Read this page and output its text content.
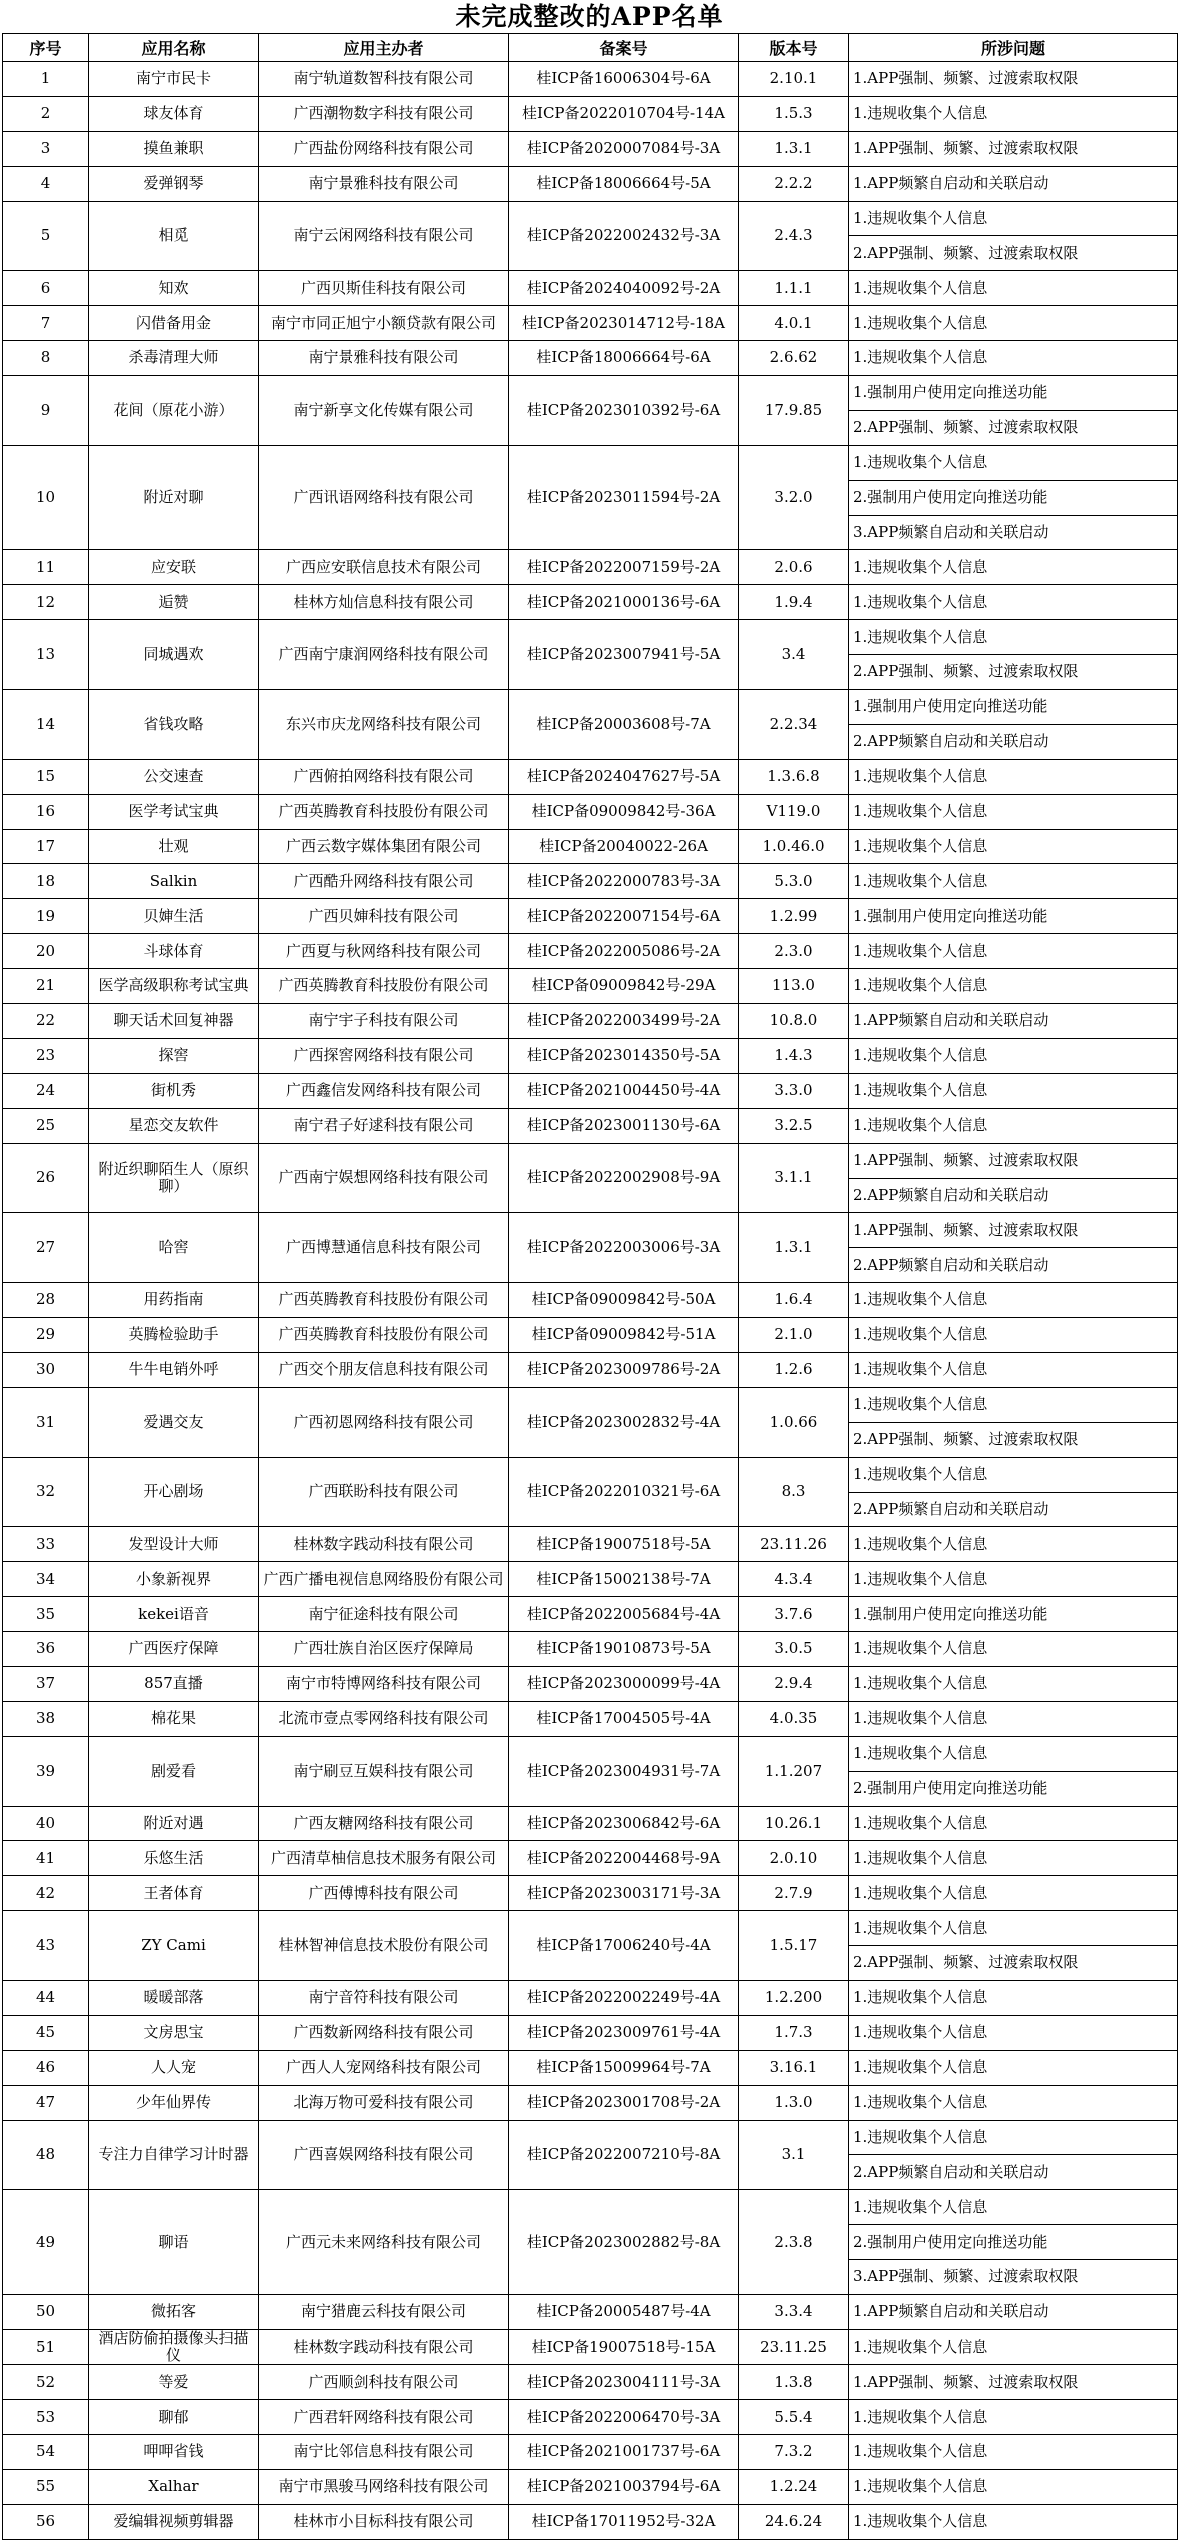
未完成整改的APP名单
序号	应用名称	应用主办者	备案号	版本号	所涉问题
1	南宁市民卡	南宁轨道数智科技有限公司	桂ICP备16006304号-6A	2.10.1	1.APP强制、频繁、过渡索取权限
2	球友体育	广西潮物数字科技有限公司	桂ICP备2022010704号-14A	1.5.3	1.违规收集个人信息
3	摸鱼兼职	广西盐份网络科技有限公司	桂ICP备2020007084号-3A	1.3.1	1.APP强制、频繁、过渡索取权限
4	爱弹钢琴	南宁景雅科技有限公司	桂ICP备18006664号-5A	2.2.2	1.APP频繁自启动和关联启动
5	相觅	南宁云闲网络科技有限公司	桂ICP备2022002432号-3A	2.4.3	1.违规收集个人信息
					2.APP强制、频繁、过渡索取权限
6	知欢	广西贝斯佳科技有限公司	桂ICP备2024040092号-2A	1.1.1	1.违规收集个人信息
7	闪借备用金	南宁市同正旭宁小额贷款有限公司	桂ICP备2023014712号-18A	4.0.1	1.违规收集个人信息
8	杀毒清理大师	南宁景雅科技有限公司	桂ICP备18006664号-6A	2.6.62	1.违规收集个人信息
9	花间（原花小游）	南宁新享文化传媒有限公司	桂ICP备2023010392号-6A	17.9.85	1.强制用户使用定向推送功能
					2.APP强制、频繁、过渡索取权限
10	附近对聊	广西讯语网络科技有限公司	桂ICP备2023011594号-2A	3.2.0	1.违规收集个人信息
					2.强制用户使用定向推送功能
					3.APP频繁自启动和关联启动
11	应安联	广西应安联信息技术有限公司	桂ICP备2022007159号-2A	2.0.6	1.违规收集个人信息
12	逅赞	桂林方灿信息科技有限公司	桂ICP备2021000136号-6A	1.9.4	1.违规收集个人信息
13	同城遇欢	广西南宁康润网络科技有限公司	桂ICP备2023007941号-5A	3.4	1.违规收集个人信息
					2.APP强制、频繁、过渡索取权限
14	省钱攻略	东兴市庆龙网络科技有限公司	桂ICP备20003608号-7A	2.2.34	1.强制用户使用定向推送功能
					2.APP频繁自启动和关联启动
15	公交速查	广西俯拍网络科技有限公司	桂ICP备2024047627号-5A	1.3.6.8	1.违规收集个人信息
16	医学考试宝典	广西英腾教育科技股份有限公司	桂ICP备09009842号-36A	V119.0	1.违规收集个人信息
17	壮观	广西云数字媒体集团有限公司	桂ICP备20040022-26A	1.0.46.0	1.违规收集个人信息
18	Salkin	广西酷升网络科技有限公司	桂ICP备2022000783号-3A	5.3.0	1.违规收集个人信息
19	贝婶生活	广西贝婶科技有限公司	桂ICP备2022007154号-6A	1.2.99	1.强制用户使用定向推送功能
20	斗球体育	广西夏与秋网络科技有限公司	桂ICP备2022005086号-2A	2.3.0	1.违规收集个人信息
21	医学高级职称考试宝典	广西英腾教育科技股份有限公司	桂ICP备09009842号-29A	113.0	1.违规收集个人信息
22	聊天话术回复神器	南宁宇子科技有限公司	桂ICP备2022003499号-2A	10.8.0	1.APP频繁自启动和关联启动
23	探窖	广西探窖网络科技有限公司	桂ICP备2023014350号-5A	1.4.3	1.违规收集个人信息
24	街机秀	广西鑫信发网络科技有限公司	桂ICP备2021004450号-4A	3.3.0	1.违规收集个人信息
25	星恋交友软件	南宁君子好逑科技有限公司	桂ICP备2023001130号-6A	3.2.5	1.违规收集个人信息
26	附近织聊陌生人（原织聊）	广西南宁娱想网络科技有限公司	桂ICP备2022002908号-9A	3.1.1	1.APP强制、频繁、过渡索取权限
					2.APP频繁自启动和关联启动
27	哈窖	广西博慧通信息科技有限公司	桂ICP备2022003006号-3A	1.3.1	1.APP强制、频繁、过渡索取权限
					2.APP频繁自启动和关联启动
28	用药指南	广西英腾教育科技股份有限公司	桂ICP备09009842号-50A	1.6.4	1.违规收集个人信息
29	英腾检验助手	广西英腾教育科技股份有限公司	桂ICP备09009842号-51A	2.1.0	1.违规收集个人信息
30	牛牛电销外呼	广西交个朋友信息科技有限公司	桂ICP备2023009786号-2A	1.2.6	1.违规收集个人信息
31	爱遇交友	广西初恩网络科技有限公司	桂ICP备2023002832号-4A	1.0.66	1.违规收集个人信息
					2.APP强制、频繁、过渡索取权限
32	开心剧场	广西联盼科技有限公司	桂ICP备2022010321号-6A	8.3	1.违规收集个人信息
					2.APP频繁自启动和关联启动
33	发型设计大师	桂林数字践动科技有限公司	桂ICP备19007518号-5A	23.11.26	1.违规收集个人信息
34	小象新视界	广西广播电视信息网络股份有限公司	桂ICP备15002138号-7A	4.3.4	1.违规收集个人信息
35	kekei语音	南宁征途科技有限公司	桂ICP备2022005684号-4A	3.7.6	1.强制用户使用定向推送功能
36	广西医疗保障	广西壮族自治区医疗保障局	桂ICP备19010873号-5A	3.0.5	1.违规收集个人信息
37	857直播	南宁市特博网络科技有限公司	桂ICP备2023000099号-4A	2.9.4	1.违规收集个人信息
38	棉花果	北流市壹点零网络科技有限公司	桂ICP备17004505号-4A	4.0.35	1.违规收集个人信息
39	剧爱看	南宁刷豆互娱科技有限公司	桂ICP备2023004931号-7A	1.1.207	1.违规收集个人信息
					2.强制用户使用定向推送功能
40	附近对遇	广西友糖网络科技有限公司	桂ICP备2023006842号-6A	10.26.1	1.违规收集个人信息
41	乐悠生活	广西清草柚信息技术服务有限公司	桂ICP备2022004468号-9A	2.0.10	1.违规收集个人信息
42	王者体育	广西傅博科技有限公司	桂ICP备2023003171号-3A	2.7.9	1.违规收集个人信息
43	ZY Cami	桂林智神信息技术股份有限公司	桂ICP备17006240号-4A	1.5.17	1.违规收集个人信息
					2.APP强制、频繁、过渡索取权限
44	暖暖部落	南宁音符科技有限公司	桂ICP备2022002249号-4A	1.2.200	1.违规收集个人信息
45	文房思宝	广西数新网络科技有限公司	桂ICP备2023009761号-4A	1.7.3	1.违规收集个人信息
46	人人宠	广西人人宠网络科技有限公司	桂ICP备15009964号-7A	3.16.1	1.违规收集个人信息
47	少年仙界传	北海万物可爱科技有限公司	桂ICP备2023001708号-2A	1.3.0	1.违规收集个人信息
48	专注力自律学习计时器	广西喜娱网络科技有限公司	桂ICP备2022007210号-8A	3.1	1.违规收集个人信息
					2.APP频繁自启动和关联启动
49	聊语	广西元未来网络科技有限公司	桂ICP备2023002882号-8A	2.3.8	1.违规收集个人信息
					2.强制用户使用定向推送功能
					3.APP强制、频繁、过渡索取权限
50	微拓客	南宁猎鹿云科技有限公司	桂ICP备20005487号-4A	3.3.4	1.APP频繁自启动和关联启动
51	酒店防偷拍摄像头扫描仪	桂林数字践动科技有限公司	桂ICP备19007518号-15A	23.11.25	1.违规收集个人信息
52	等爱	广西顺剑科技有限公司	桂ICP备2023004111号-3A	1.3.8	1.APP强制、频繁、过渡索取权限
53	聊郁	广西君轩网络科技有限公司	桂ICP备2022006470号-3A	5.5.4	1.违规收集个人信息
54	呷呷省钱	南宁比邻信息科技有限公司	桂ICP备2021001737号-6A	7.3.2	1.违规收集个人信息
55	Xalhar	南宁市黑骏马网络科技有限公司	桂ICP备2021003794号-6A	1.2.24	1.违规收集个人信息
56	爱编辑视频剪辑器	桂林市小目标科技有限公司	桂ICP备17011952号-32A	24.6.24	1.违规收集个人信息
